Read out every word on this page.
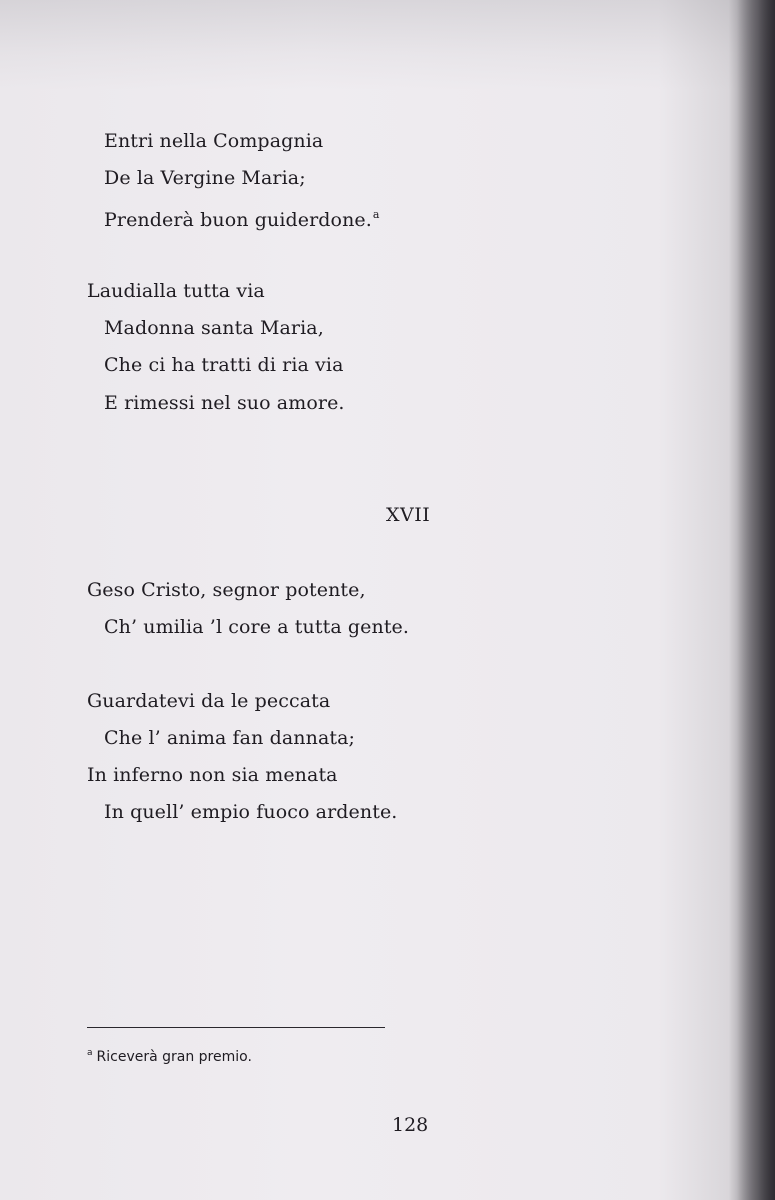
Entri nella Compagnia
De la Vergine Maria;
Prenderà buon guiderdone.$^a$
Laudialla tutta via
Madonna santa Maria,
Che ci ha tratti di ria via
E rimessi nel suo amore.
XVII
Geso Cristo, segnor potente,
Ch’ umilia ’l core a tutta gente.
Guardatevi da le peccata
Che l’ anima fan dannata;
In inferno non sia menata
In quell’ empio fuoco ardente.
$^a$ Riceverà gran premio.
128
